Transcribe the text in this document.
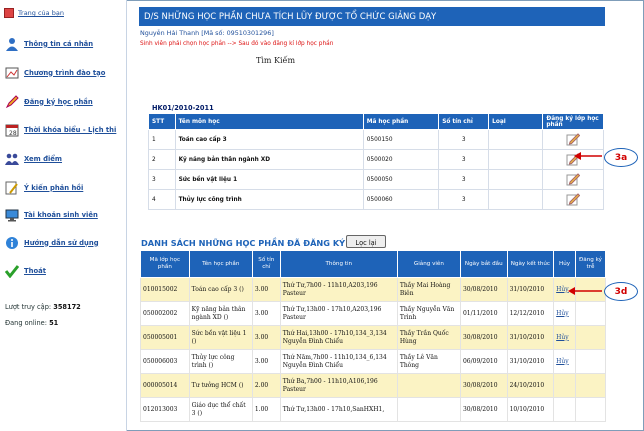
Trang của bạn
Thông tin cá nhân
Chương trình đào tạo
Đăng ký học phần
28 Thời khóa biểu - Lịch thi
Xem điểm
Ý kiến phản hồi
Tài khoản sinh viên
Hướng dẫn sử dụng
Thoát
Lượt truy cập: 358172
Đang online: 51
D/S NHỮNG HỌC PHẦN CHƯA TÍCH LŨY ĐƯỢC TỔ CHỨC GIẢNG DẠY
Nguyễn Hải Thanh [Mã số: 09510301296]
Sinh viên phải chọn học phần --> Sau đó vào đăng kí lớp học phần
Tìm Kiếm
HK01/2010-2011
STT	Tên môn học	Mã học phần	Số tín chỉ	Loại	Đăng ký lớp học phần
1	Toán cao cấp 3	0500150	3		
2	Kỹ năng bản thân ngành XD	0500020	3		
3	Sức bền vật liệu 1	0500050	3		
4	Thủy lực công trình	0500060	3		
DANH SÁCH NHỮNG HỌC PHẦN ĐÃ ĐĂNG KÝ	Lọc lại
Mã lớp học phần	Tên học phần	Số tín chỉ	Thông tin	Giảng viên	Ngày bắt đầu	Ngày kết thúc	Hủy	Đăng ký trễ
010015002	Toán cao cấp 3 ()	3.00	Thứ Tư,7h00 - 11h10,A203,196 Pasteur	Thầy Mai Hoàng Biên	30/08/2010	31/10/2010	Hủy	
050002002	Kỹ năng bản thân ngành XD ()	3.00	Thứ Tư,13h00 - 17h10,A203,196 Pasteur	Thầy Nguyễn Văn Trình	01/11/2010	12/12/2010	Hủy	
050005001	Sức bền vật liệu 1 ()	3.00	Thứ Hai,13h00 - 17h10,134_3,134 Nguyễn Đình Chiểu	Thầy Trần Quốc Hùng	30/08/2010	31/10/2010	Hủy	
050006003	Thủy lực công trình ()	3.00	Thứ Năm,7h00 - 11h10,134_6,134 Nguyễn Đình Chiểu	Thầy Lê Văn Thông	06/09/2010	31/10/2010	Hủy	
000005014	Tư tưởng HCM ()	2.00	Thứ Ba,7h00 - 11h10,A106,196 Pasteur		30/08/2010	24/10/2010		
012013003	Giáo dục thể chất 3 ()	1.00	Thứ Tư,13h00 - 17h10,SanHXH1,		30/08/2010	10/10/2010		
3a
3d
